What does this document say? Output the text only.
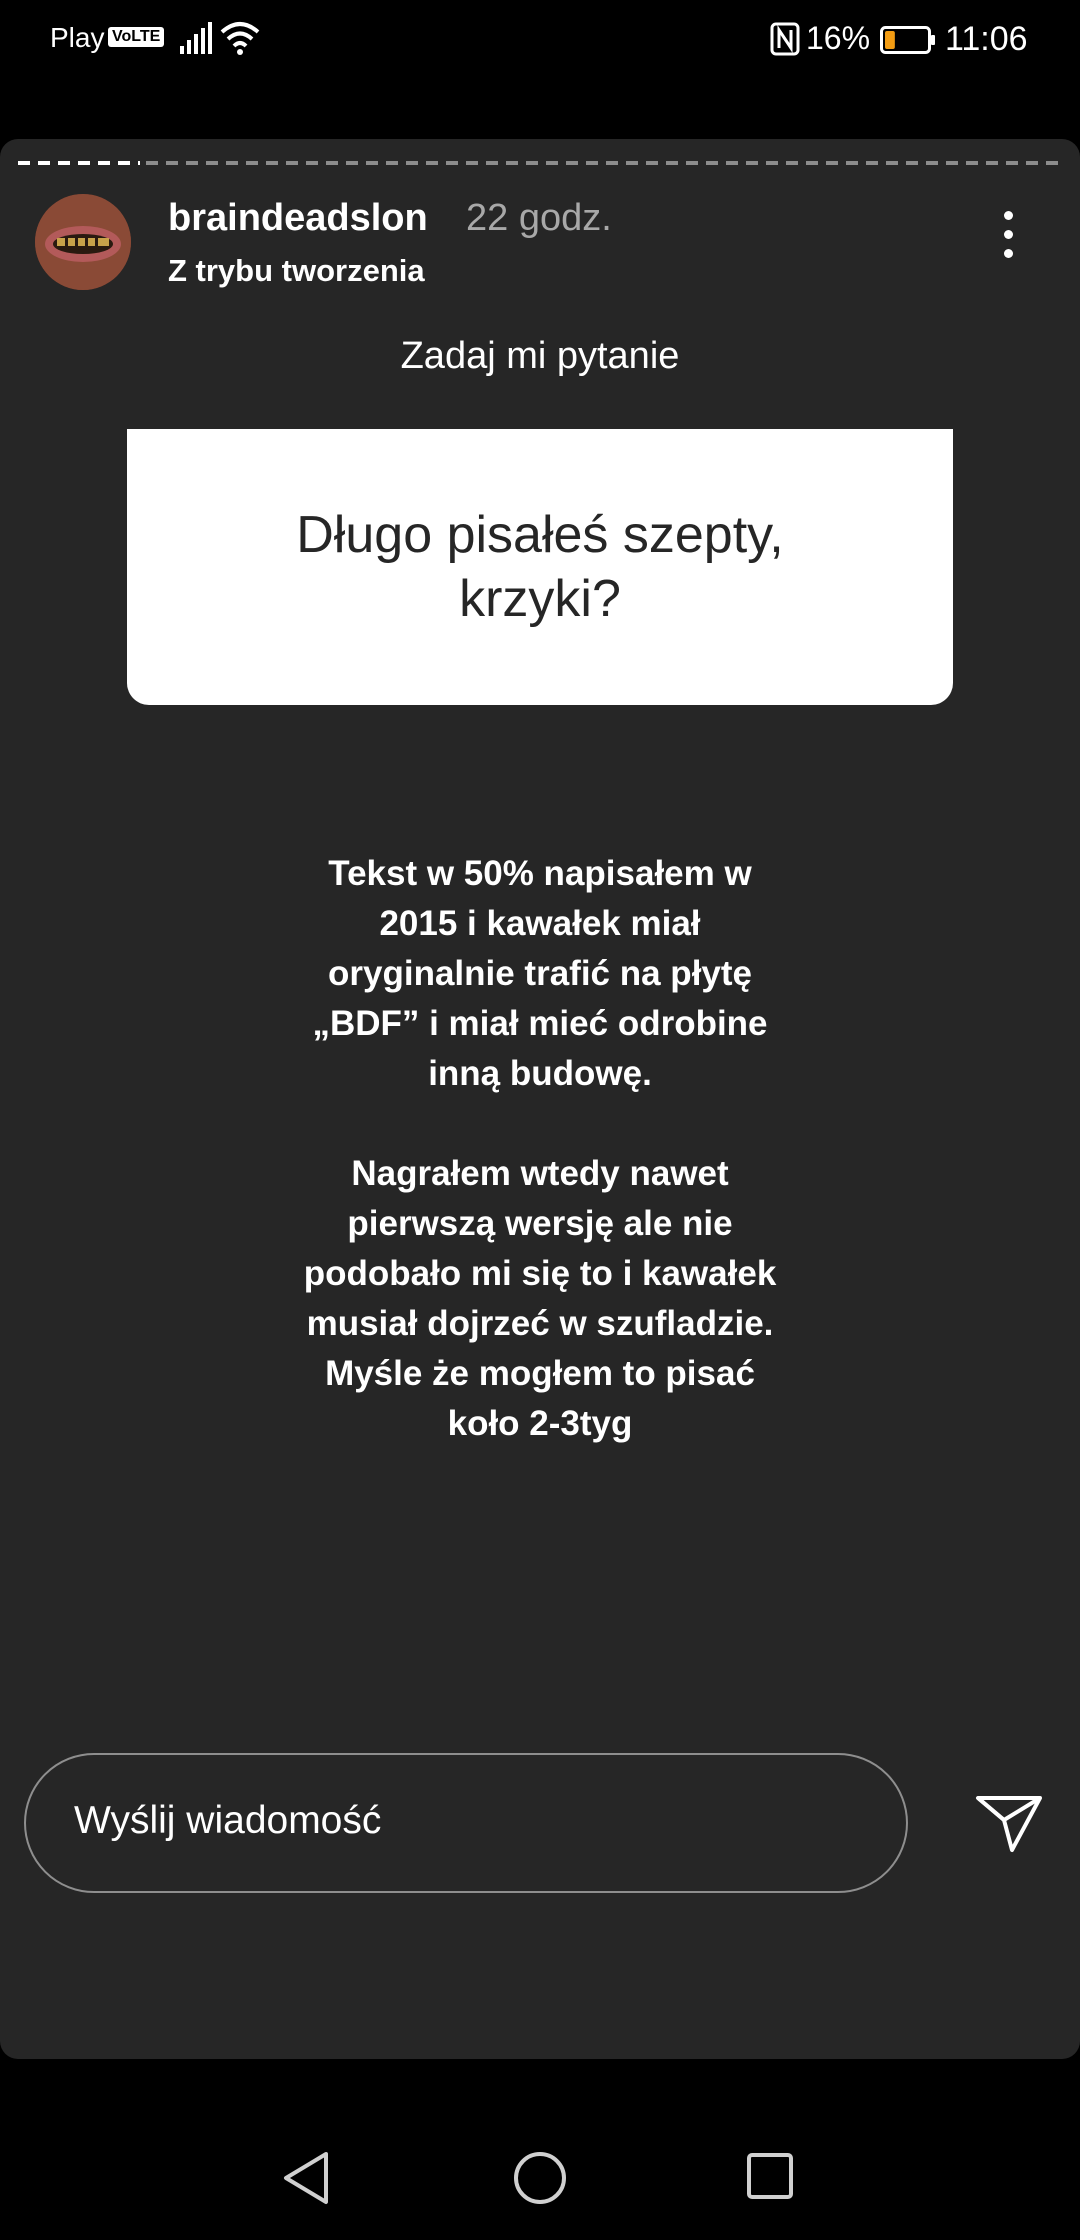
Play VoLTE	16% 11:06
braindeadslon 22 godz.
Z trybu tworzenia
Zadaj mi pytanie
Długo pisałeś szepty, krzyki?

Tekst w 50% napisałem w 2015 i kawałek miał oryginalnie trafić na płytę „BDF” i miał mieć odrobine inną budowę.

Nagrałem wtedy nawet pierwszą wersję ale nie podobało mi się to i kawałek musiał dojrzeć w szufladzie. Myśle że mogłem to pisać koło 2-3tyg

Wyślij wiadomość
